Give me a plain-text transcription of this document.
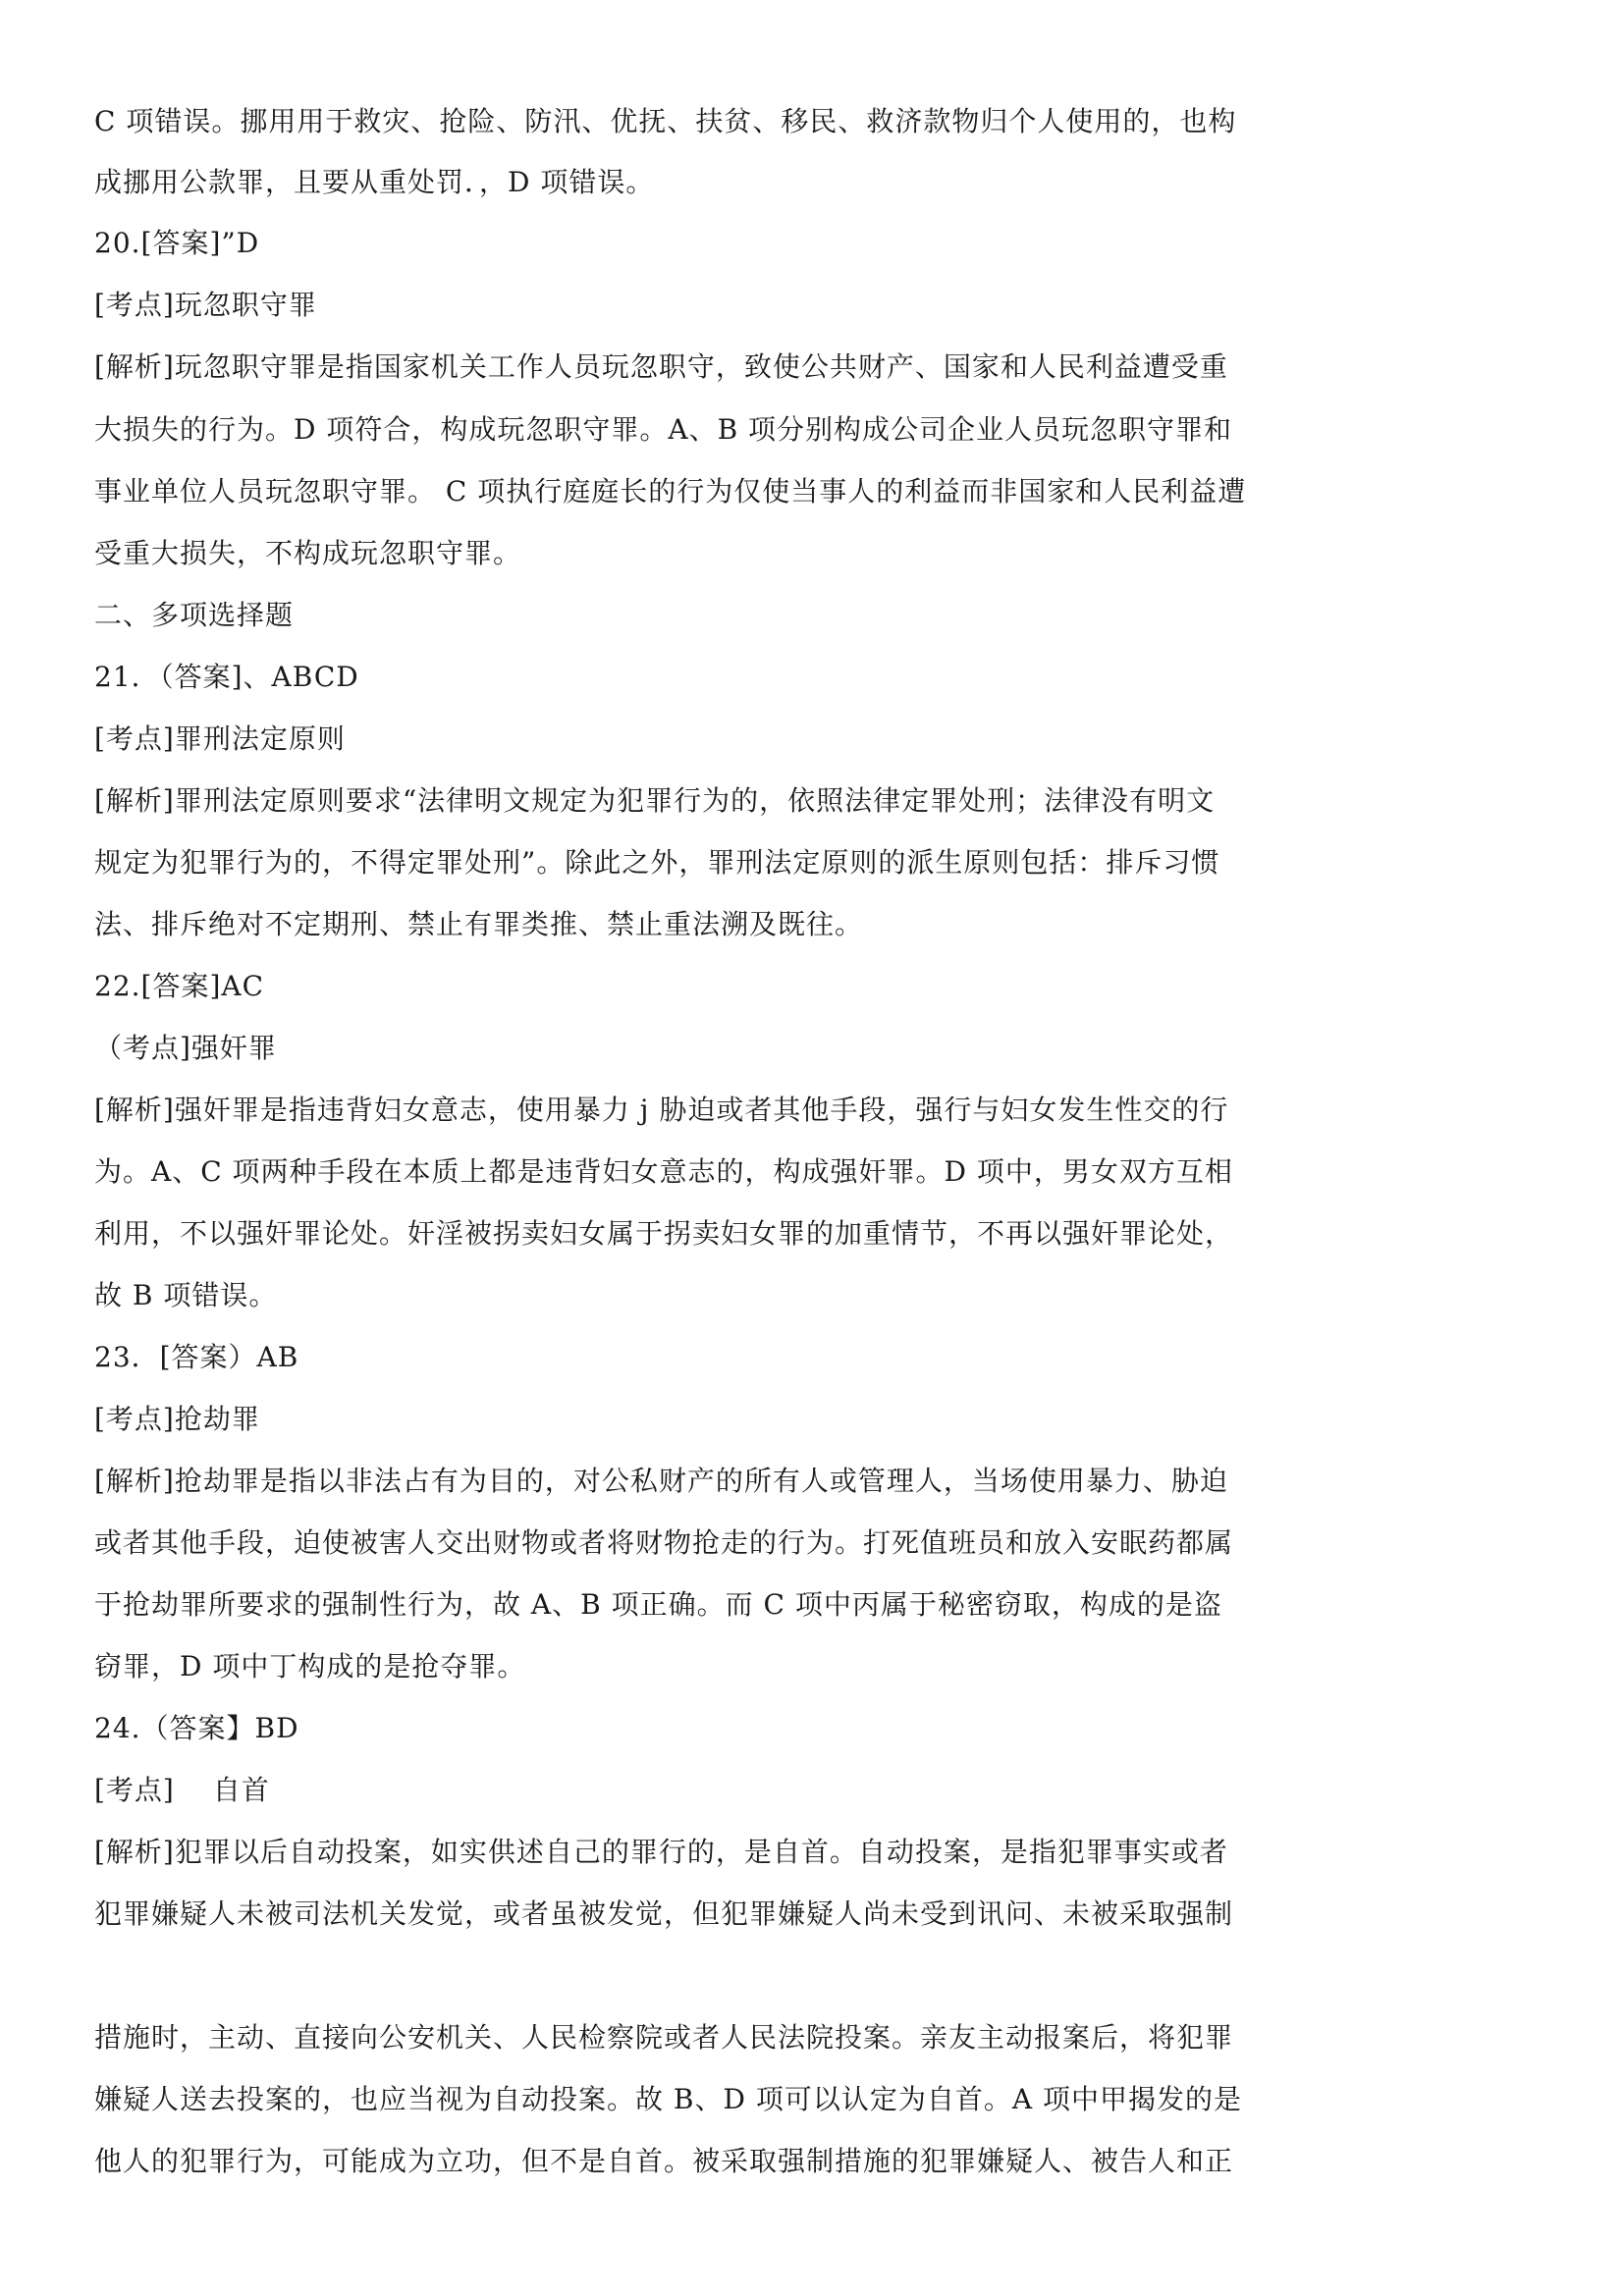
C 项错误。挪用用于救灾、抢险、防汛、优抚、扶贫、移民、救济款物归个人使用的，也构
成挪用公款罪，且要从重处罚．，D 项错误。
20.[答案]”D
[考点]玩忽职守罪
[解析]玩忽职守罪是指国家机关工作人员玩忽职守，致使公共财产、国家和人民利益遭受重
大损失的行为。D 项符合，构成玩忽职守罪。A、B 项分别构成公司企业人员玩忽职守罪和
事业单位人员玩忽职守罪。 C 项执行庭庭长的行为仅使当事人的利益而非国家和人民利益遭
受重大损失，不构成玩忽职守罪。
二、多项选择题
21．（答案]、ABCD
[考点]罪刑法定原则
[解析]罪刑法定原则要求“法律明文规定为犯罪行为的，依照法律定罪处刑；法律没有明文
规定为犯罪行为的，不得定罪处刑”。除此之外，罪刑法定原则的派生原则包括：排斥习惯
法、排斥绝对不定期刑、禁止有罪类推、禁止重法溯及既往。
22.[答案]AC
（考点]强奸罪
[解析]强奸罪是指违背妇女意志，使用暴力 j 胁迫或者其他手段，强行与妇女发生性交的行
为。A、C 项两种手段在本质上都是违背妇女意志的，构成强奸罪。D 项中，男女双方互相
利用，不以强奸罪论处。奸淫被拐卖妇女属于拐卖妇女罪的加重情节，不再以强奸罪论处，
故 B 项错误。
23．[答案）AB
[考点]抢劫罪
[解析]抢劫罪是指以非法占有为目的，对公私财产的所有人或管理人，当场使用暴力、胁迫
或者其他手段，迫使被害人交出财物或者将财物抢走的行为。打死值班员和放入安眠药都属
于抢劫罪所要求的强制性行为，故 A、B 项正确。而 C 项中丙属于秘密窃取，构成的是盗
窃罪，D 项中丁构成的是抢夺罪。
24.（答案】BD
[考点]　 自首
[解析]犯罪以后自动投案，如实供述自己的罪行的，是自首。自动投案，是指犯罪事实或者
犯罪嫌疑人未被司法机关发觉，或者虽被发觉，但犯罪嫌疑人尚未受到讯问、未被采取强制
措施时，主动、直接向公安机关、人民检察院或者人民法院投案。亲友主动报案后，将犯罪
嫌疑人送去投案的，也应当视为自动投案。故 B、D 项可以认定为自首。A 项中甲揭发的是
他人的犯罪行为，可能成为立功，但不是自首。被采取强制措施的犯罪嫌疑人、被告人和正
